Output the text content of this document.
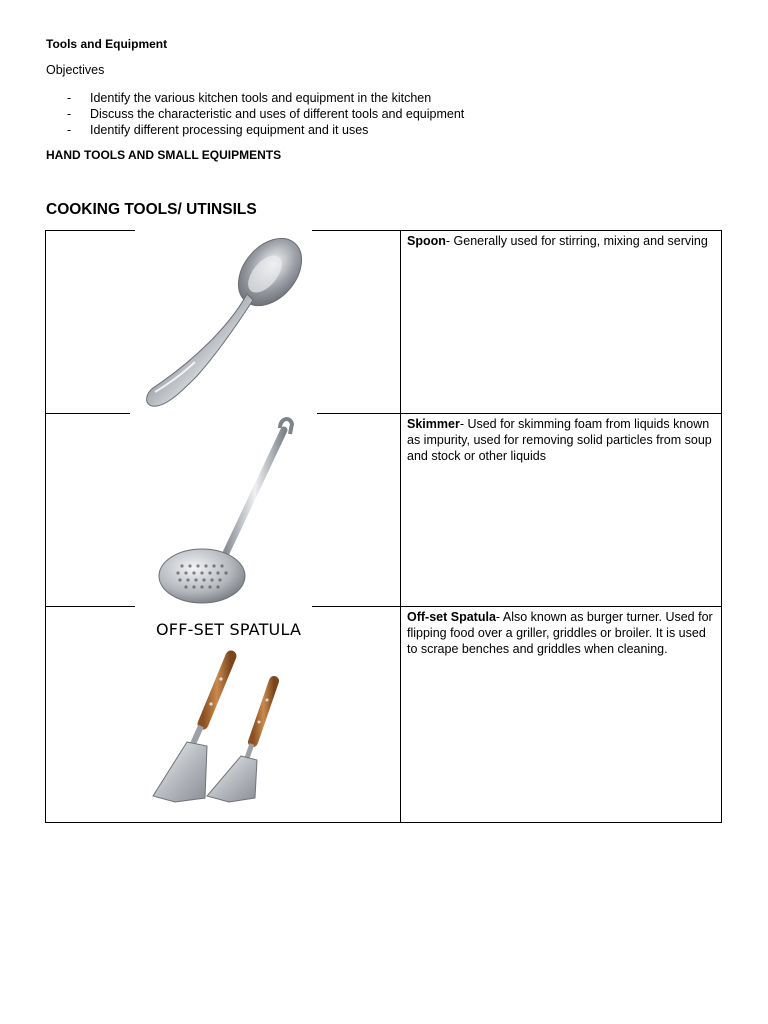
Tools and Equipment
Objectives
- Identify the various kitchen tools and equipment in the kitchen
- Discuss the characteristic and uses of different tools and equipment
- Identify different processing equipment and it uses
HAND TOOLS AND SMALL EQUIPMENTS
COOKING TOOLS/ UTINSILS
Spoon- Generally used for stirring, mixing and serving
Skimmer- Used for skimming foam from liquids known as impurity, used for removing solid particles from soup and stock or other liquids
OFF-SET SPATULA
Off-set Spatula- Also known as burger turner. Used for flipping food over a griller, griddles or broiler. It is used to scrape benches and griddles when cleaning.
